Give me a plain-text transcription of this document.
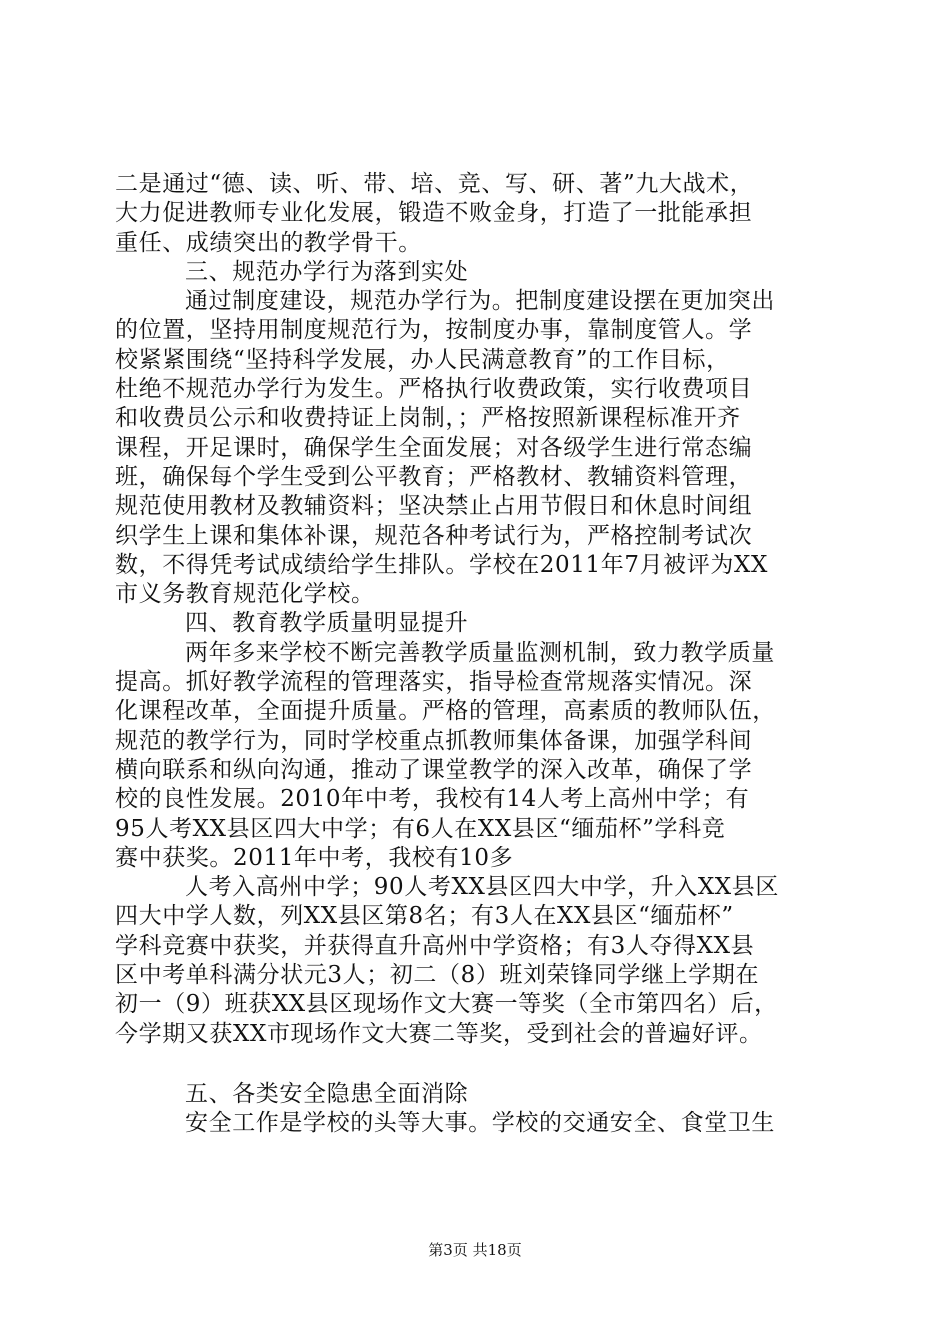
二是通过“德、读、听、带、培、竞、写、研、著”九大战术，
大力促进教师专业化发展，锻造不败金身，打造了一批能承担
重任、成绩突出的教学骨干。
三、规范办学行为落到实处
通过制度建设，规范办学行为。把制度建设摆在更加突出
的位置，坚持用制度规范行为，按制度办事，靠制度管人。学
校紧紧围绕“坚持科学发展，办人民满意教育”的工作目标，
杜绝不规范办学行为发生。严格执行收费政策，实行收费项目
和收费员公示和收费持证上岗制，；严格按照新课程标准开齐
课程，开足课时，确保学生全面发展；对各级学生进行常态编
班，确保每个学生受到公平教育；严格教材、教辅资料管理，
规范使用教材及教辅资料；坚决禁止占用节假日和休息时间组
织学生上课和集体补课，规范各种考试行为，严格控制考试次
数，不得凭考试成绩给学生排队。学校在2011年7月被评为XX
市义务教育规范化学校。
四、教育教学质量明显提升
两年多来学校不断完善教学质量监测机制，致力教学质量
提高。抓好教学流程的管理落实，指导检查常规落实情况。深
化课程改革，全面提升质量。严格的管理，高素质的教师队伍，
规范的教学行为，同时学校重点抓教师集体备课，加强学科间
横向联系和纵向沟通，推动了课堂教学的深入改革，确保了学
校的良性发展。2010年中考，我校有14人考上高州中学；有
95人考XX县区四大中学；有6人在XX县区“缅茄杯”学科竞
赛中获奖。2011年中考，我校有10多
人考入高州中学；90人考XX县区四大中学，升入XX县区
四大中学人数，列XX县区第8名；有3人在XX县区“缅茄杯”
学科竞赛中获奖，并获得直升高州中学资格；有3人夺得XX县
区中考单科满分状元3人；初二（8）班刘荣锋同学继上学期在
初一（9）班获XX县区现场作文大赛一等奖（全市第四名）后，
今学期又获XX市现场作文大赛二等奖，受到社会的普遍好评。
五、各类安全隐患全面消除
安全工作是学校的头等大事。学校的交通安全、食堂卫生
第3页 共18页
